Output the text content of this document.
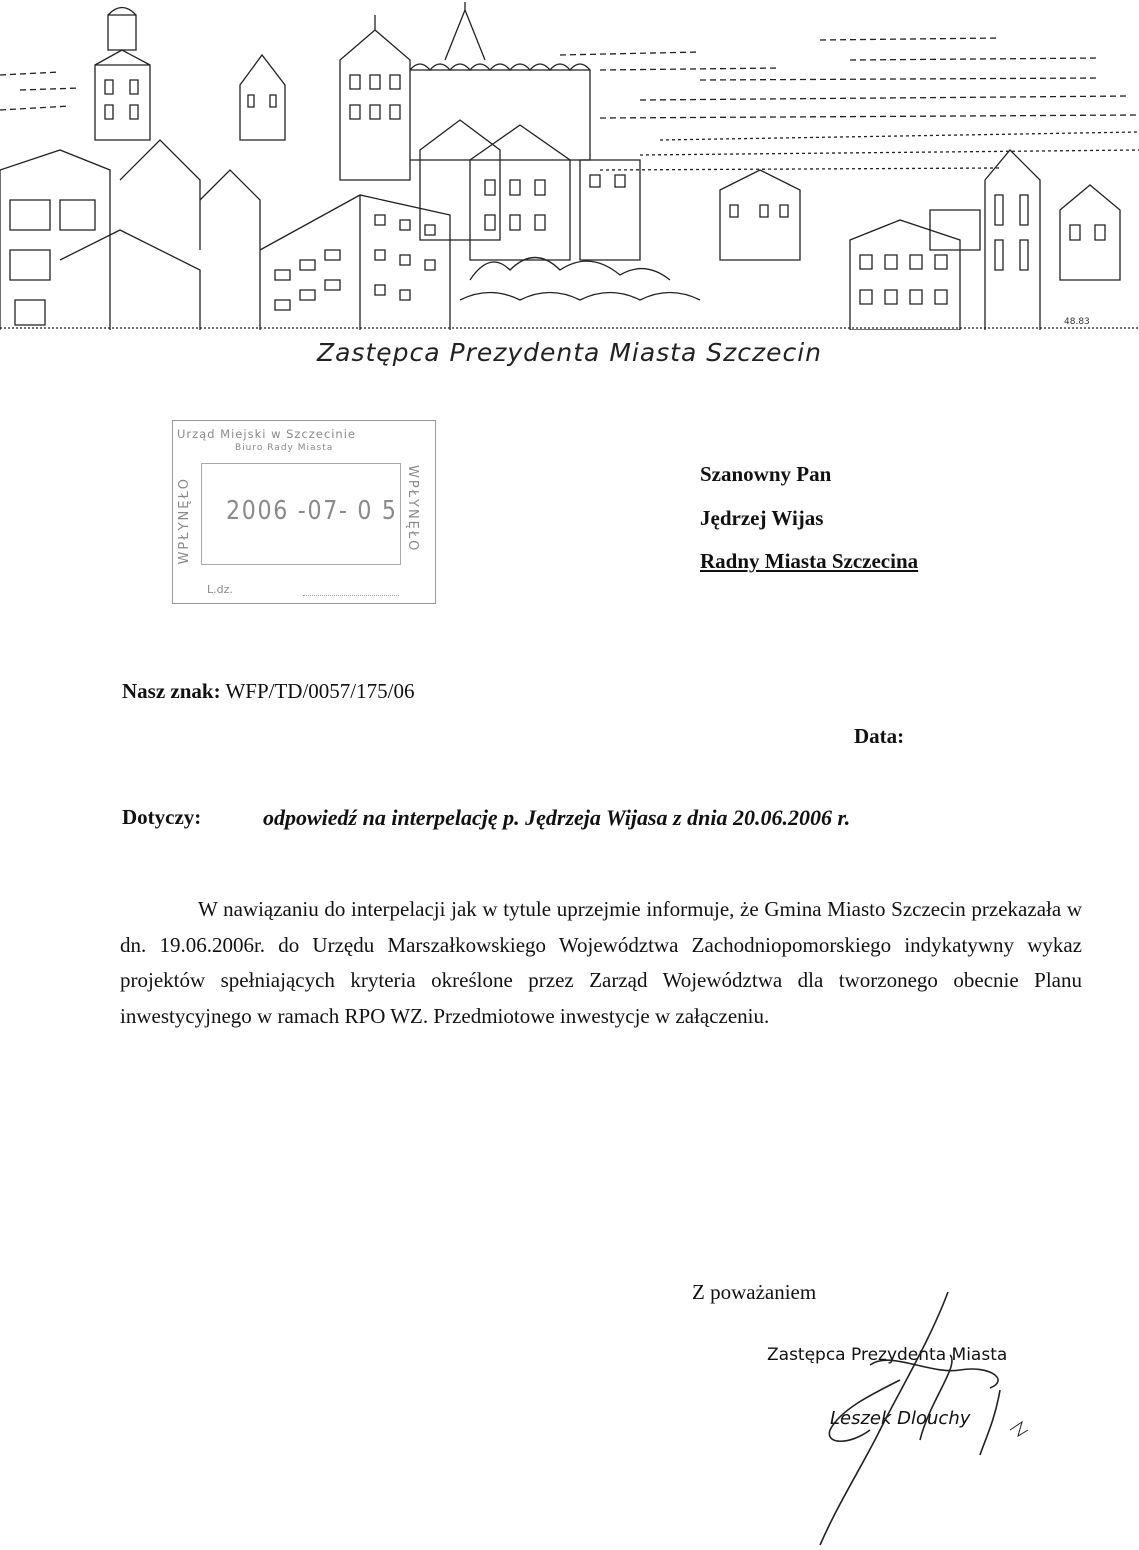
48.83
Zastępca Prezydenta Miasta Szczecin
Urząd Miejski w Szczecinie
Biuro Rady Miasta
WPŁYNĘŁO 2006 -07- 0 5 WPŁYNĘŁO
L.dz.
Szanowny Pan
Jędrzej Wijas
Radny Miasta Szczecina
Nasz znak: WFP/TD/0057/175/06
Data:
Dotyczy:	odpowiedź na interpelację p. Jędrzeja Wijasa z dnia 20.06.2006 r.
W nawiązaniu do interpelacji jak w tytule uprzejmie informuje, że Gmina Miasto Szczecin przekazała w dn. 19.06.2006r. do Urzędu Marszałkowskiego Województwa Zachodniopomorskiego indykatywny wykaz projektów spełniających kryteria określone przez Zarząd Województwa dla tworzonego obecnie Planu inwestycyjnego w ramach RPO WZ. Przedmiotowe inwestycje w załączeniu.
Z poważaniem
Zastępca Prezydenta Miasta
Leszek Dlouchy
